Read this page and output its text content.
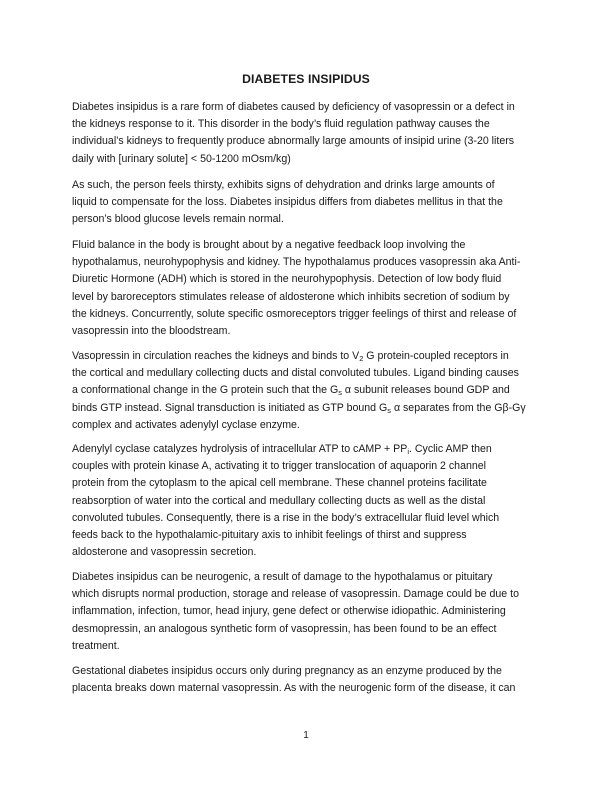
DIABETES INSIPIDUS
Diabetes insipidus is a rare form of diabetes caused by deficiency of vasopressin or a defect in
the kidneys response to it. This disorder in the body’s fluid regulation pathway causes the
individual’s kidneys to frequently produce abnormally large amounts of insipid urine (3-20 liters
daily with [urinary solute] < 50-1200 mOsm/kg)
As such, the person feels thirsty, exhibits signs of dehydration and drinks large amounts of
liquid to compensate for the loss. Diabetes insipidus differs from diabetes mellitus in that the
person’s blood glucose levels remain normal.
Fluid balance in the body is brought about by a negative feedback loop involving the
hypothalamus, neurohypophysis and kidney. The hypothalamus produces vasopressin aka Anti-
Diuretic Hormone (ADH) which is stored in the neurohypophysis. Detection of low body fluid
level by baroreceptors stimulates release of aldosterone which inhibits secretion of sodium by
the kidneys. Concurrently, solute specific osmoreceptors trigger feelings of thirst and release of
vasopressin into the bloodstream.
Vasopressin in circulation reaches the kidneys and binds to $V_2$ G protein-coupled receptors in
the cortical and medullary collecting ducts and distal convoluted tubules. Ligand binding causes
a conformational change in the G protein such that the $G_s$ α subunit releases bound GDP and
binds GTP instead. Signal transduction is initiated as GTP bound $G_s$ α separates from the Gβ-Gγ
complex and activates adenylyl cyclase enzyme.
Adenylyl cyclase catalyzes hydrolysis of intracellular ATP to cAMP + $PP_i$. Cyclic AMP then
couples with protein kinase A, activating it to trigger translocation of aquaporin 2 channel
protein from the cytoplasm to the apical cell membrane. These channel proteins facilitate
reabsorption of water into the cortical and medullary collecting ducts as well as the distal
convoluted tubules. Consequently, there is a rise in the body’s extracellular fluid level which
feeds back to the hypothalamic-pituitary axis to inhibit feelings of thirst and suppress
aldosterone and vasopressin secretion.
Diabetes insipidus can be neurogenic, a result of damage to the hypothalamus or pituitary
which disrupts normal production, storage and release of vasopressin. Damage could be due to
inflammation, infection, tumor, head injury, gene defect or otherwise idiopathic. Administering
desmopressin, an analogous synthetic form of vasopressin, has been found to be an effect
treatment.
Gestational diabetes insipidus occurs only during pregnancy as an enzyme produced by the
placenta breaks down maternal vasopressin. As with the neurogenic form of the disease, it can
1
